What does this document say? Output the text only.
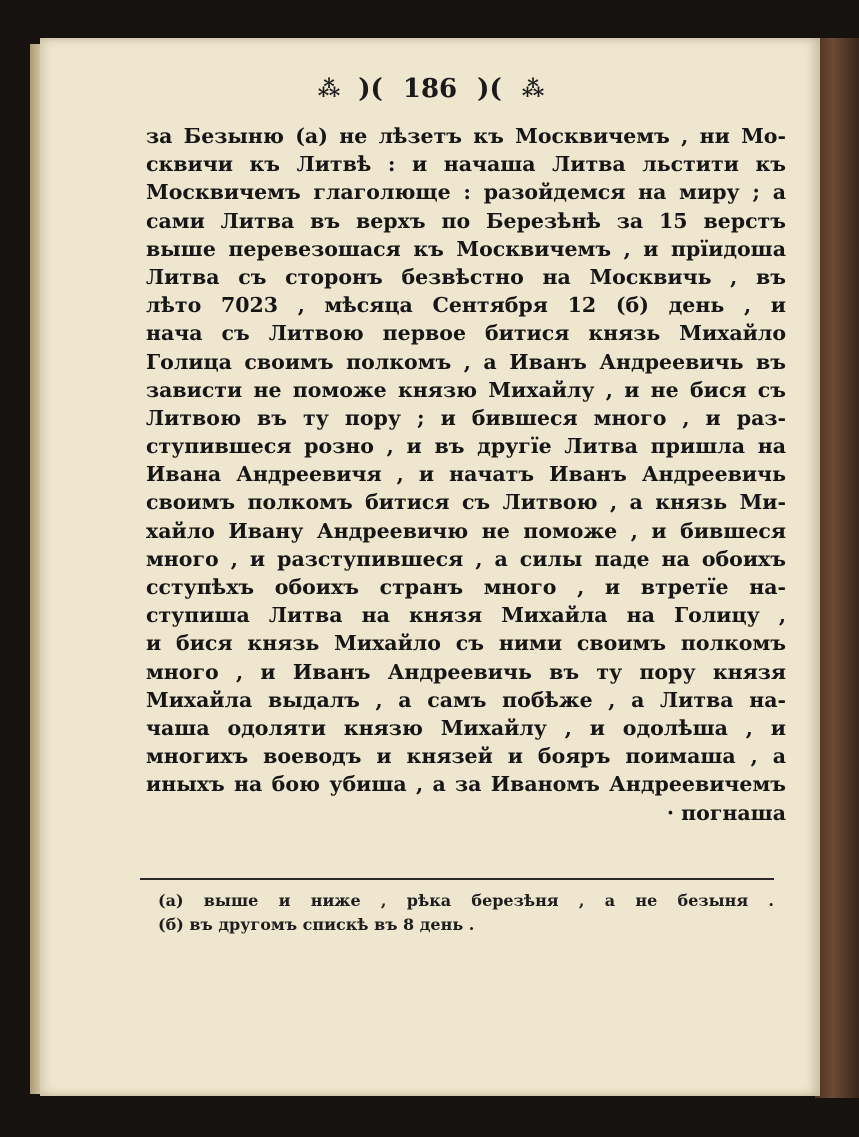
⁂ )( 186 )( ⁂
за Безыню (а) не лѣзетъ къ Москвичемъ , ни Мо-
сквичи къ Литвѣ : и начаша Литва льстити къ
Москвичемъ глаголюще : разойдемся на миру ; а
сами Литва въ верхъ по Березѣнѣ за 15 верстъ
выше перевезошася къ Москвичемъ , и прїидоша
Литва съ сторонъ безвѣстно на Москвичь , въ
лѣто 7023 , мѣсяца Сентября 12 (б) день , и
нача съ Литвою первое битися князь Михайло
Голица своимъ полкомъ , а Иванъ Андреевичь въ
зависти не поможе князю Михайлу , и не бися съ
Литвою въ ту пору ; и бившеся много , и раз-
ступившеся розно , и въ другїе Литва пришла на
Ивана Андреевичя , и начатъ Иванъ Андреевичь
своимъ полкомъ битися съ Литвою , а князь Ми-
хайло Ивану Андреевичю не поможе , и бившеся
много , и разступившеся , а силы паде на обоихъ
сступѣхъ обоихъ странъ много , и втретїе на-
ступиша Литва на князя Михайла на Голицу ,
и бися князь Михайло съ ними своимъ полкомъ
много , и Иванъ Андреевичь въ ту пору князя
Михайла выдалъ , а самъ побѣже , а Литва на-
чаша одоляти князю Михайлу , и одолѣша , и
многихъ воеводъ и князей и бояръ поимаша , а
иныхъ на бою убиша , а за Иваномъ Андреевичемъ
· погнаша
(а) выше и ниже , рѣка березѣня , а не безыня .
(б) въ другомъ спискѣ въ 8 день .
